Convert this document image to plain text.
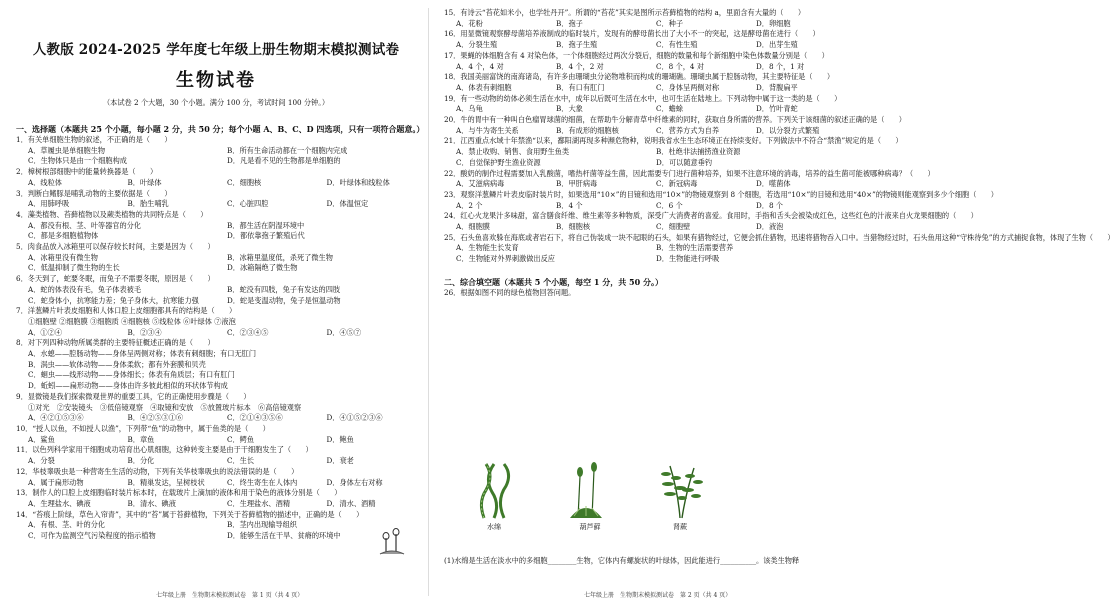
人教版 2024-2025 学年度七年级上册生物期末模拟测试卷
生物试卷
（本试卷 2 个大题，30 个小题。满分 100 分，考试时间 100 分钟。）
一、选择题（本题共 25 个小题，每小题 2 分，共 50 分；每个小题 A、B、C、D 四选项，只有一项符合题意。）
1．有关单细胞生物的叙述，不正确的是（　　）
A．草履虫是单细胞生物	B．所有生命活动都在一个细胞内完成
C．生物体只是由一个细胞构成	D．凡是看不见的生物都是单细胞的
2．樟树根部细胞中的能量转换器是（　　）
A．线粒体	B．叶绿体	C．细胞核	D．叶绿体和线粒体
3．判断白鳍豚是哺乳动物的主要依据是（　　）
A．用肺呼吸	B．胎生哺乳	C．心脏四腔	D．体温恒定
4．藻类植物、苔藓植物以及蕨类植物的共同特点是（　　）
A．都没有根、茎、叶等器官的分化	B．都生活在阴湿环境中
C．都是多细胞植物体	D．都依靠孢子繁殖后代
5．肉食品放入冰箱里可以保存较长时间，主要是因为（　　）
A．冰箱里没有微生物	B．冰箱里温度低，杀死了微生物
C．低温抑制了微生物的生长	D．冰箱隔绝了微生物
6．冬天到了，蛇要冬眠，而兔子不需要冬眠，原因是（　　）
A．蛇的体表没有毛，兔子体表被毛	B．蛇没有四肢，兔子有发达的四肢
C．蛇身体小，抗寒能力差；兔子身体大，抗寒能力强	D．蛇是变温动物，兔子是恒温动物
7．洋葱鳞片叶表皮细胞和人体口腔上皮细胞都具有的结构是（　　）
①细胞壁 ②细胞膜 ③细胞质 ④细胞核 ⑤线粒体 ⑥叶绿体 ⑦液泡
A．①②④	B．②③④	C．②③④⑤	D．④⑤⑦
8．对下列四种动物所属类群的主要特征概述正确的是（　　）
A．水螅——腔肠动物——身体呈两侧对称；体表有刺细胞；有口无肛门
B．涡虫——软体动物——身体柔软；都有外套膜和贝壳
C．蛔虫——线形动物——身体细长；体表有角质层；有口有肛门
D．蚯蚓——扁形动物——身体由许多彼此相似的环状体节构成
9．显微镜是我们探索微观世界的重要工具，它的正确使用步骤是（　　）
①对光　②安装镜头　③低倍镜观察　④取镜和安放　⑤放置玻片标本　⑥高倍镜观察
A．④②①⑤③⑥	B．④②⑤③①⑥	C．②①④③⑤⑥	D．④①⑤②③⑥
10．“授人以鱼，不如授人以渔”，下列带“鱼”的动物中，属于鱼类的是（　　）
A．鲨鱼	B．章鱼	C．鳄鱼	D．鲍鱼
11．以色列科学家用干细胞成功培育出心肌细胞，这种转变主要是由于干细胞发生了（　　）
A．分裂	B．分化	C．生长	D．衰老
12．华枝睾吸虫是一种营寄生生活的动物，下列有关华枝睾吸虫的说法错误的是（　　）
A．属于扁形动物	B．精巢发达，呈树枝状	C．终生寄生在人体内	D．身体左右对称
13．制作人的口腔上皮细胞临时装片标本时，在载玻片上滴加的液体和用于染色的液体分别是（　　）
A．生理盐水、碘液	B．清水、碘液	C．生理盐水、酒精	D．清水、酒精
14．“苔痕上阶绿，草色入帘青”，其中的“苔”属于苔藓植物，下列关于苔藓植物的描述中，正确的是（　　）
A．有根、茎、叶的分化	B．茎内出现输导组织
C．可作为监测空气污染程度的指示植物	D．能够生活在干旱、贫瘠的环境中
七年级上册　生物期末模拟测试卷　第 1 页（共 4 页）
15．有诗云“苔花如米小，也学牡丹开”。所谓的“苔花”其实是图所示苔藓植物的结构 a，里面含有大量的（　　）
A．花粉	B．孢子	C．种子	D．卵细胞
16．用显微镜观察酵母菌培养液制成的临时装片，发现有的酵母菌长出了大小不一的突起，这是酵母菌在进行（　　）
A．分裂生殖	B．孢子生殖	C．有性生殖	D．出芽生殖
17．果蝇的体细胞含有 4 对染色体，一个体细胞经过两次分裂后，细胞的数量和每个新细胞中染色体数量分别是（　　）
A．4 个，4 对	B．4 个，2 对	C．8 个，4 对	D．8 个，1 对
18．我国美丽富饶的南海诸岛，有许多由珊瑚虫分泌物堆积而构成的珊瑚礁。珊瑚虫属于腔肠动物，其主要特征是（　　）
A．体表有刺细胞	B．有口有肛门	C．身体呈两侧对称	D．背腹扁平
19．有一些动物的幼体必须生活在水中，成年以后既可生活在水中，也可生活在陆地上。下列动物中属于这一类的是（　　）
A．乌龟	B．大象	C．蟾蜍	D．竹叶青蛇
20．牛的胃中有一种叫白色瘤胃球菌的细菌，在帮助牛分解青草中纤维素的同时，获取自身所需的营养。下列关于该细菌的叙述正确的是（　　）
A．与牛为寄生关系	B．有成形的细胞核	C．营养方式为自养	D．以分裂方式繁殖
21．江西重点水域十年禁渔“以来，鄱阳湖再现多种濒危物种，说明我省水生生态环境正在持续变好。下列做法中不符合“禁渔”规定的是（　　）
A．禁止收购、销售、食用野生鱼类	B．杜绝非法捕捞渔业资源
C．自觉保护野生渔业资源	D．可以随意垂钓
22．酸奶的制作过程需要加入乳酸菌，嗜热杆菌等益生菌，因此需要专门进行菌种培养，如果不注意环境的消毒，培养的益生菌可能被哪种病毒？（　　）
A．艾滋病病毒	B．甲肝病毒	C．新冠病毒	D．噬菌体
23．观察洋葱鳞片叶表皮临时装片时，如果选用“10×”的目镜和选用“10×”的物镜观察到 8 个细胞，若选用“10×”的目镜和选用“40×”的物镜则能观察到多少个细胞（　　）
A．2 个	B．4 个	C．6 个	D．8 个
24．红心火龙果汁多味甜，富含膳食纤维、维生素等多种物质，深受广大消费者的喜爱。食用时，手指和舌头会被染成红色，这些红色的汁液来自火龙果细胞的（　　）
A．细胞膜	B．细胞核	C．细胞壁	D．液泡
25．石头鱼喜欢躲在海底或者岩石下，将自己伪装成一块不起眼的石头，如果有猎物经过，它便会抓住猎物，迅速将猎物吞入口中。当猎物经过时，石头鱼用这种“守株待兔”的方式捕捉食物，体现了生物（　　）
A．生物能生长发育	B．生物的生活需要营养
C．生物能对外界刺激做出反应	D．生物能进行呼吸
二、综合填空题（本题共 5 个小题，每空 1 分，共 50 分。）
26．根据如图不同的绿色植物回答问题。
水绵	葫芦藓	肾蕨
(1)水绵是生活在淡水中的多细胞________生物，它体内有螺旋状的叶绿体，因此能进行__________。该类生物释
七年级上册　生物期末模拟测试卷　第 2 页（共 4 页）
